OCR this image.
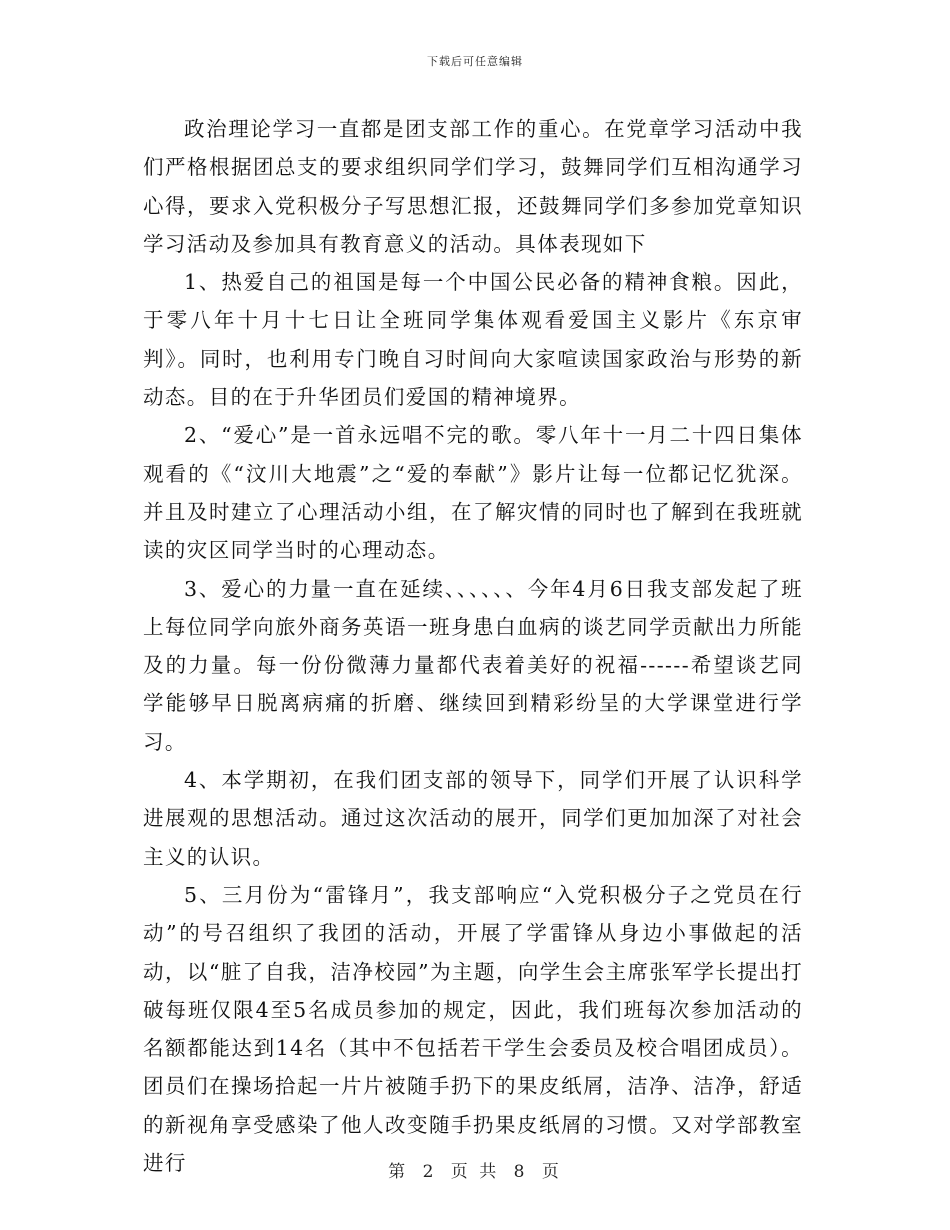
下载后可任意编辑

政治理论学习一直都是团支部工作的重心。在党章学习活动中我们严格根据团总支的要求组织同学们学习，鼓舞同学们互相沟通学习心得，要求入党积极分子写思想汇报，还鼓舞同学们多参加党章知识学习活动及参加具有教育意义的活动。具体表现如下

1、热爱自己的祖国是每一个中国公民必备的精神食粮。因此，于零八年十月十七日让全班同学集体观看爱国主义影片《东京审判》。同时，也利用专门晚自习时间向大家喧读国家政治与形势的新动态。目的在于升华团员们爱国的精神境界。

2、“爱心”是一首永远唱不完的歌。零八年十一月二十四日集体观看的《“汶川大地震”之“爱的奉献”》影片让每一位都记忆犹深。并且及时建立了心理活动小组，在了解灾情的同时也了解到在我班就读的灾区同学当时的心理动态。

3、爱心的力量一直在延续、、、、、、今年4月6日我支部发起了班上每位同学向旅外商务英语一班身患白血病的谈艺同学贡献出力所能及的力量。每一份份微薄力量都代表着美好的祝福------希望谈艺同学能够早日脱离病痛的折磨、继续回到精彩纷呈的大学课堂进行学习。

4、本学期初，在我们团支部的领导下，同学们开展了认识科学进展观的思想活动。通过这次活动的展开，同学们更加加深了对社会主义的认识。

5、三月份为“雷锋月”，我支部响应“入党积极分子之党员在行动”的号召组织了我团的活动，开展了学雷锋从身边小事做起的活动，以“脏了自我，洁净校园”为主题，向学生会主席张军学长提出打破每班仅限4至5名成员参加的规定，因此，我们班每次参加活动的名额都能达到14名（其中不包括若干学生会委员及校合唱团成员）。团员们在操场拾起一片片被随手扔下的果皮纸屑，洁净、洁净，舒适的新视角享受感染了他人改变随手扔果皮纸屑的习惯。又对学部教室进行	第 2 页 共 8 页
